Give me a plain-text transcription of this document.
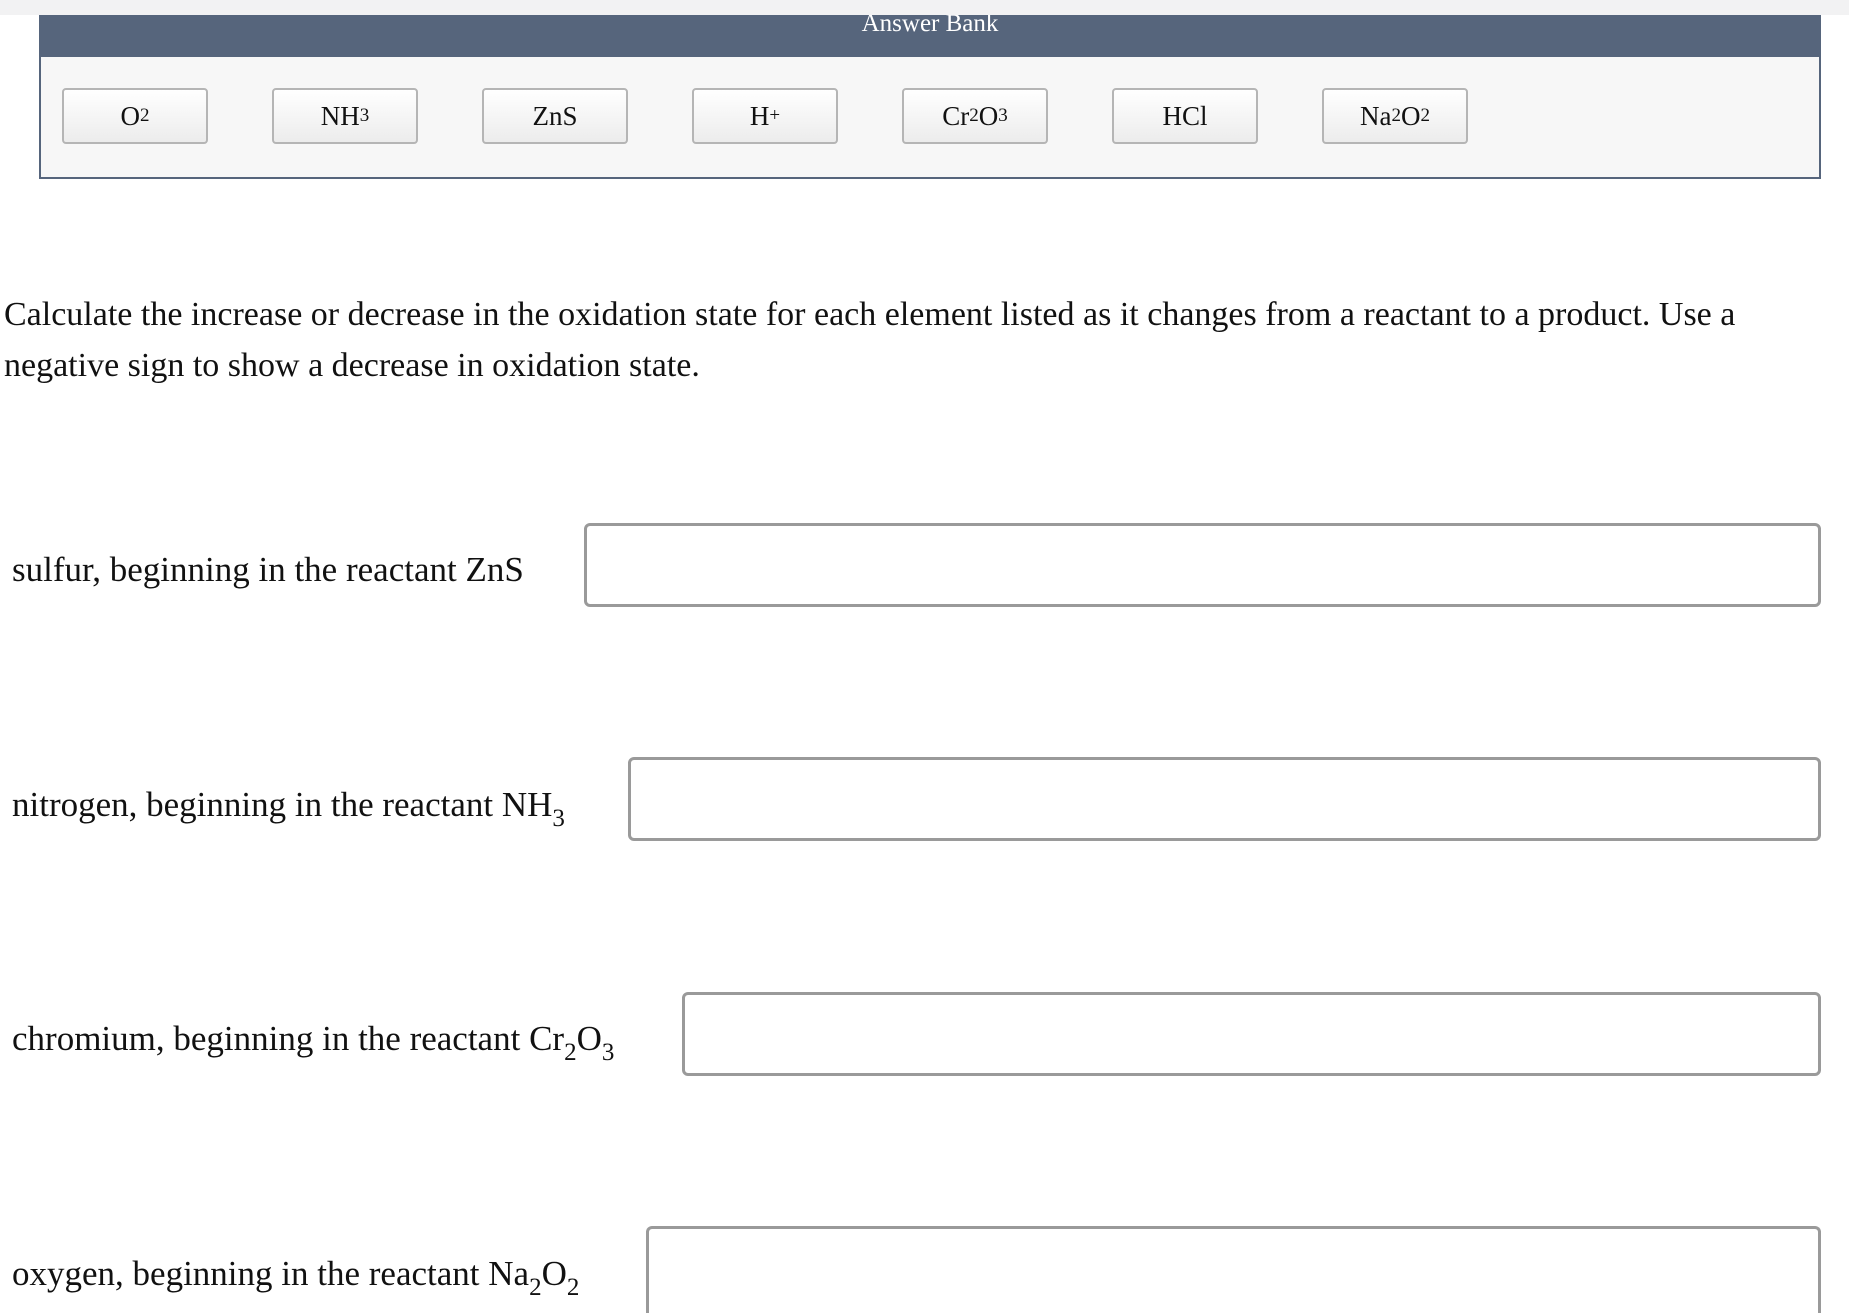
Answer Bank
O 2	NH 3	ZnS	H +	Cr 2 O 3	HCl	Na 2 O 2
Calculate the increase or decrease in the oxidation state for each element listed as it changes from a reactant to a product. Use a negative sign to show a decrease in oxidation state.
sulfur, beginning in the reactant ZnS
nitrogen, beginning in the reactant $NH_3$
chromium, beginning in the reactant $Cr_2O_3$
oxygen, beginning in the reactant $Na_2O_2$
